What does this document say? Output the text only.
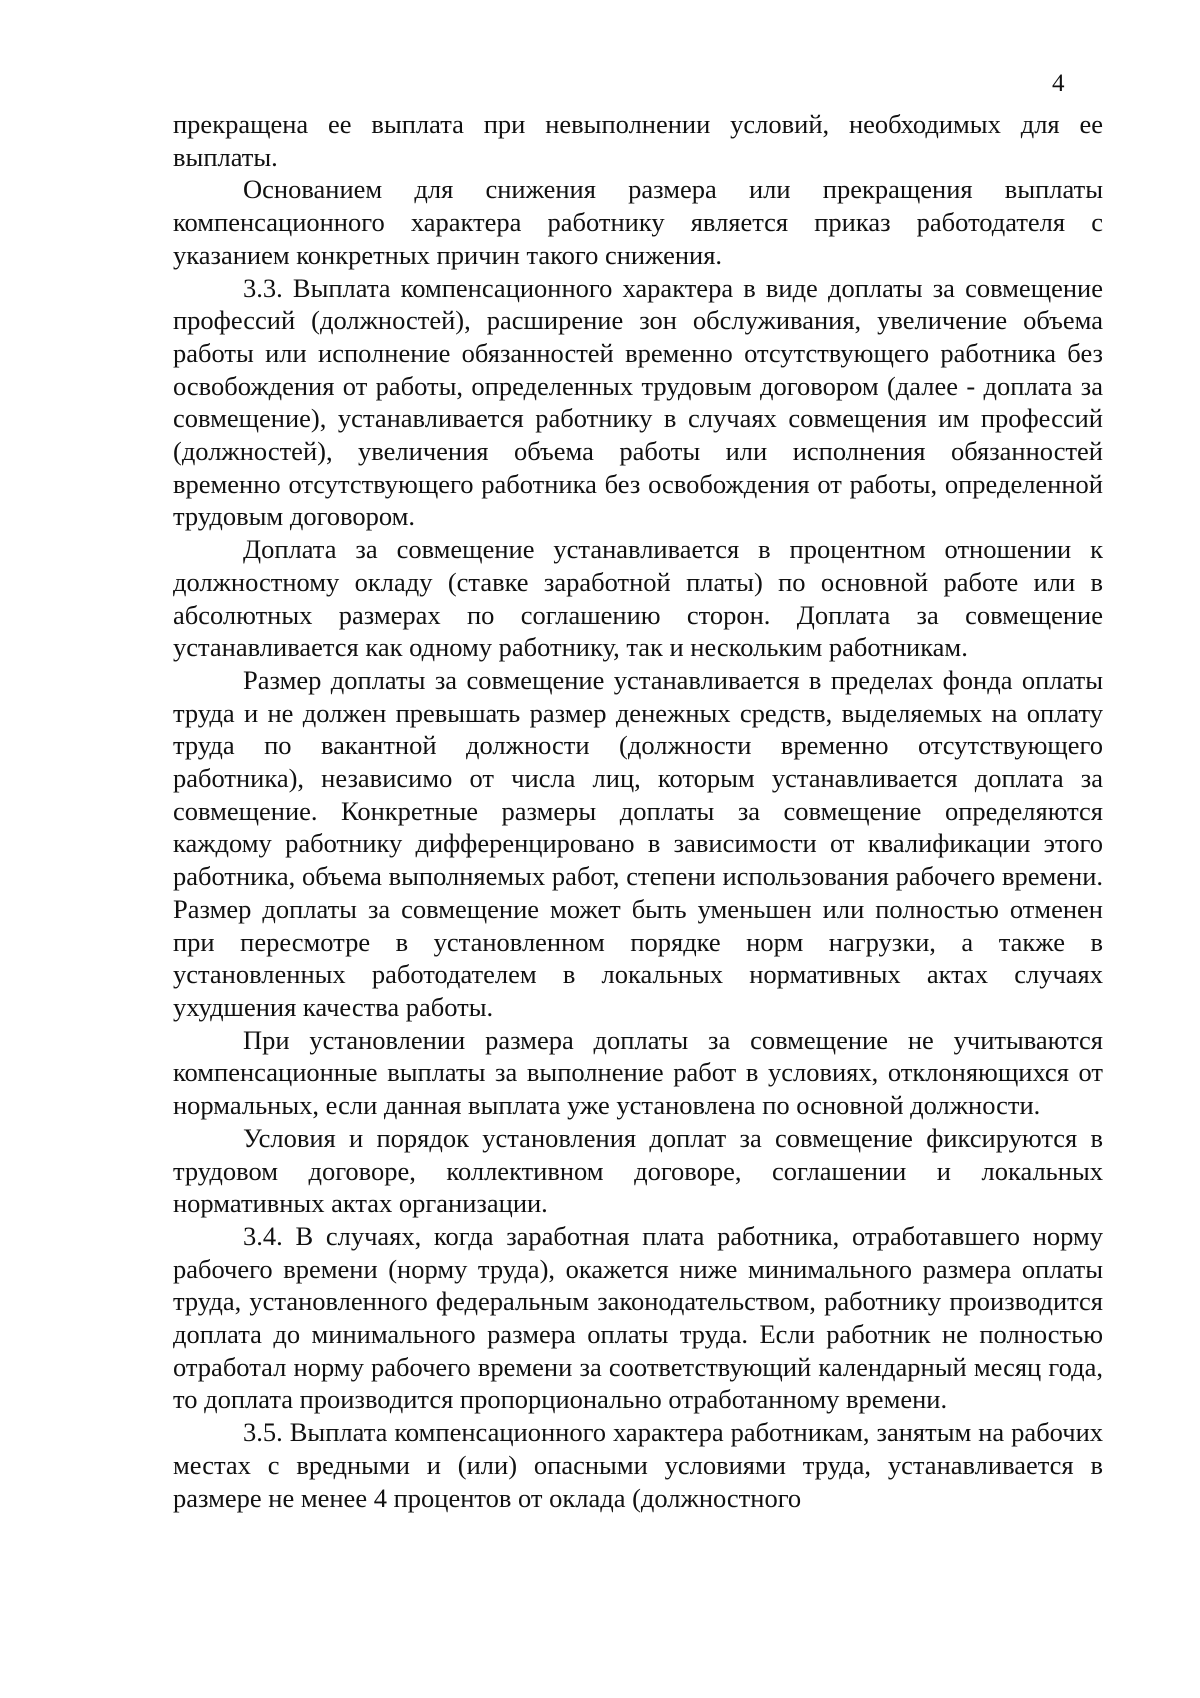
4

прекращена ее выплата при невыполнении условий, необходимых для ее выплаты.

Основанием для снижения размера или прекращения выплаты компенсационного характера работнику является приказ работодателя с указанием конкретных причин такого снижения.

3.3. Выплата компенсационного характера в виде доплаты за совмещение профессий (должностей), расширение зон обслуживания, увеличение объема работы или исполнение обязанностей временно отсутствующего работника без освобождения от работы, определенных трудовым договором (далее - доплата за совмещение), устанавливается работнику в случаях совмещения им профессий (должностей), увеличения объема работы или исполнения обязанностей временно отсутствующего работника без освобождения от работы, определенной трудовым договором.

Доплата за совмещение устанавливается в процентном отношении к должностному окладу (ставке заработной платы) по основной работе или в абсолютных размерах по соглашению сторон. Доплата за совмещение устанавливается как одному работнику, так и нескольким работникам.

Размер доплаты за совмещение устанавливается в пределах фонда оплаты труда и не должен превышать размер денежных средств, выделяемых на оплату труда по вакантной должности (должности временно отсутствующего работника), независимо от числа лиц, которым устанавливается доплата за совмещение. Конкретные размеры доплаты за совмещение определяются каждому работнику дифференцировано в зависимости от квалификации этого работника, объема выполняемых работ, степени использования рабочего времени. Размер доплаты за совмещение может быть уменьшен или полностью отменен при пересмотре в установленном порядке норм нагрузки, а также в установленных работодателем в локальных нормативных актах случаях ухудшения качества работы.

При установлении размера доплаты за совмещение не учитываются компенсационные выплаты за выполнение работ в условиях, отклоняющихся от нормальных, если данная выплата уже установлена по основной должности.

Условия и порядок установления доплат за совмещение фиксируются в трудовом договоре, коллективном договоре, соглашении и локальных нормативных актах организации.

3.4. В случаях, когда заработная плата работника, отработавшего норму рабочего времени (норму труда), окажется ниже минимального размера оплаты труда, установленного федеральным законодательством, работнику производится доплата до минимального размера оплаты труда. Если работник не полностью отработал норму рабочего времени за соответствующий календарный месяц года, то доплата производится пропорционально отработанному времени.

3.5. Выплата компенсационного характера работникам, занятым на рабочих местах с вредными и (или) опасными условиями труда, устанавливается в размере не менее 4 процентов от оклада (должностного
